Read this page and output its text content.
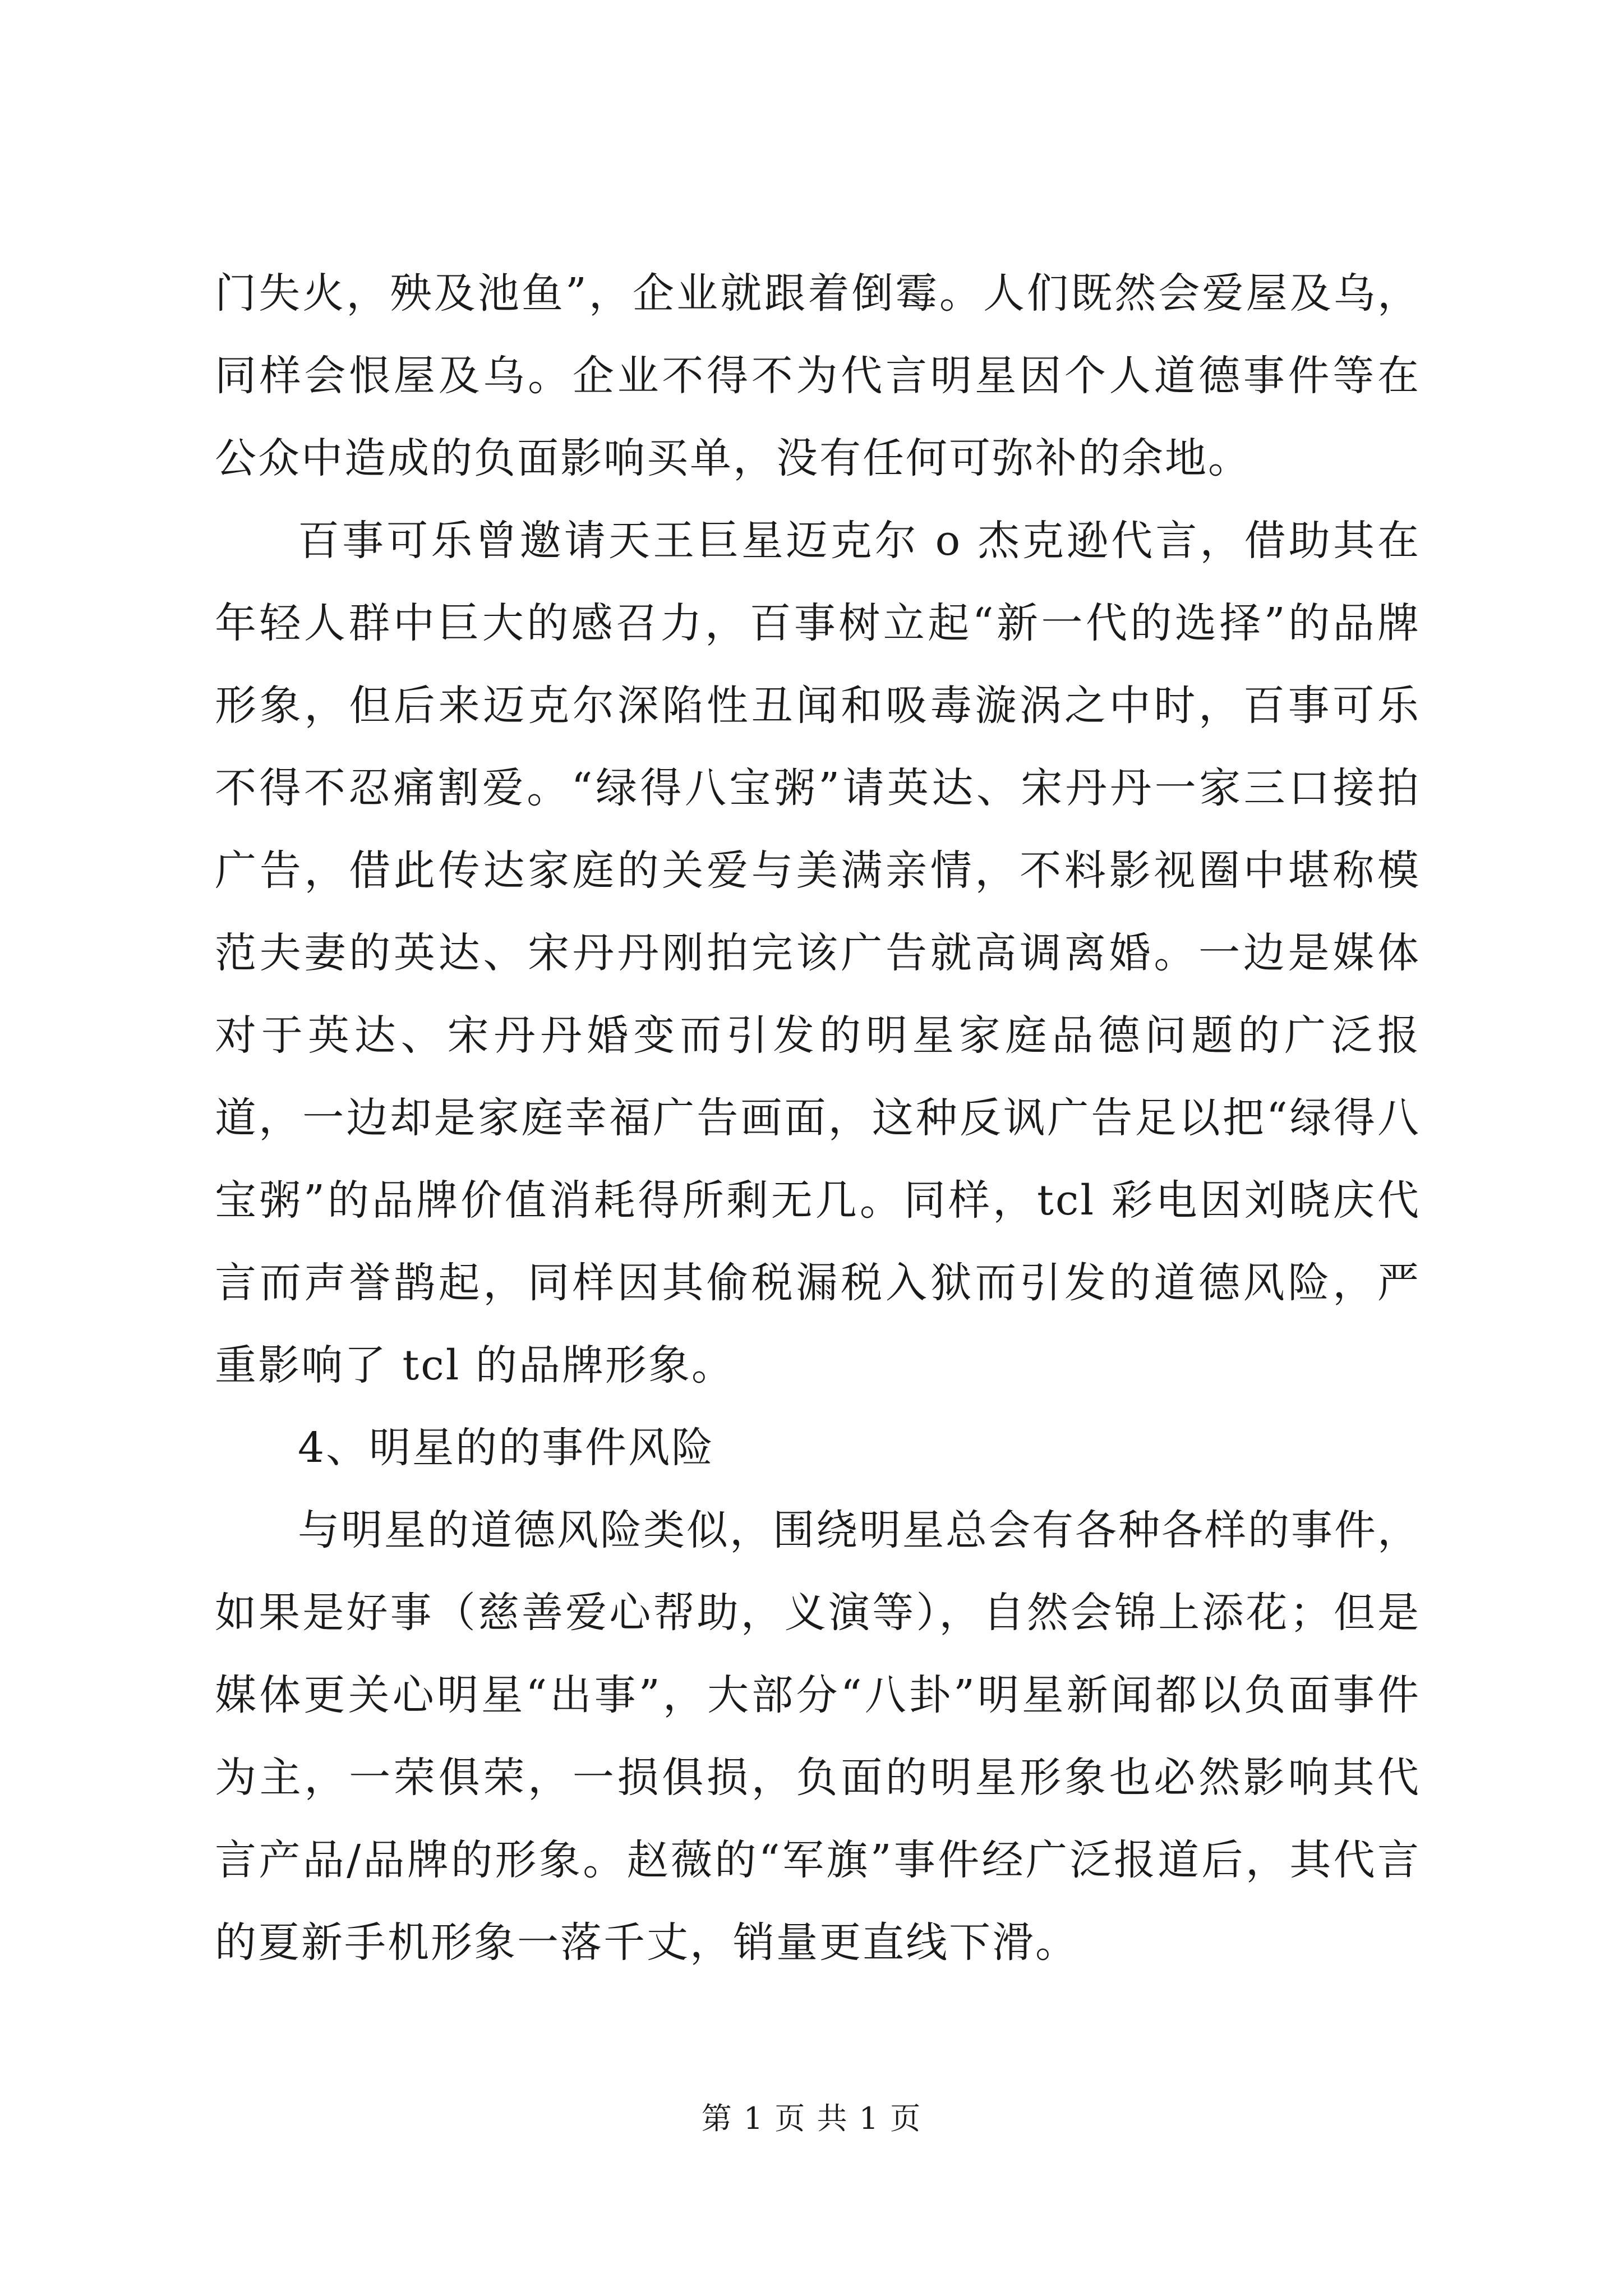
门失火，殃及池鱼”，企业就跟着倒霉。人们既然会爱屋及乌，同样会恨屋及乌。企业不得不为代言明星因个人道德事件等在公众中造成的负面影响买单，没有任何可弥补的余地。

百事可乐曾邀请天王巨星迈克尔 o 杰克逊代言，借助其在年轻人群中巨大的感召力，百事树立起“新一代的选择”的品牌形象，但后来迈克尔深陷性丑闻和吸毒漩涡之中时，百事可乐不得不忍痛割爱。“绿得八宝粥”请英达、宋丹丹一家三口接拍广告，借此传达家庭的关爱与美满亲情，不料影视圈中堪称模范夫妻的英达、宋丹丹刚拍完该广告就高调离婚。一边是媒体对于英达、宋丹丹婚变而引发的明星家庭品德问题的广泛报道，一边却是家庭幸福广告画面，这种反讽广告足以把“绿得八宝粥”的品牌价值消耗得所剩无几。同样，tcl 彩电因刘晓庆代言而声誉鹊起，同样因其偷税漏税入狱而引发的道德风险，严重影响了 tcl 的品牌形象。

4、明星的的事件风险

与明星的道德风险类似，围绕明星总会有各种各样的事件，如果是好事（慈善爱心帮助，义演等），自然会锦上添花；但是媒体更关心明星“出事”，大部分“八卦”明星新闻都以负面事件为主，一荣俱荣，一损俱损，负面的明星形象也必然影响其代言产品/品牌的形象。赵薇的“军旗”事件经广泛报道后，其代言的夏新手机形象一落千丈，销量更直线下滑。

第 1 页 共 1 页
